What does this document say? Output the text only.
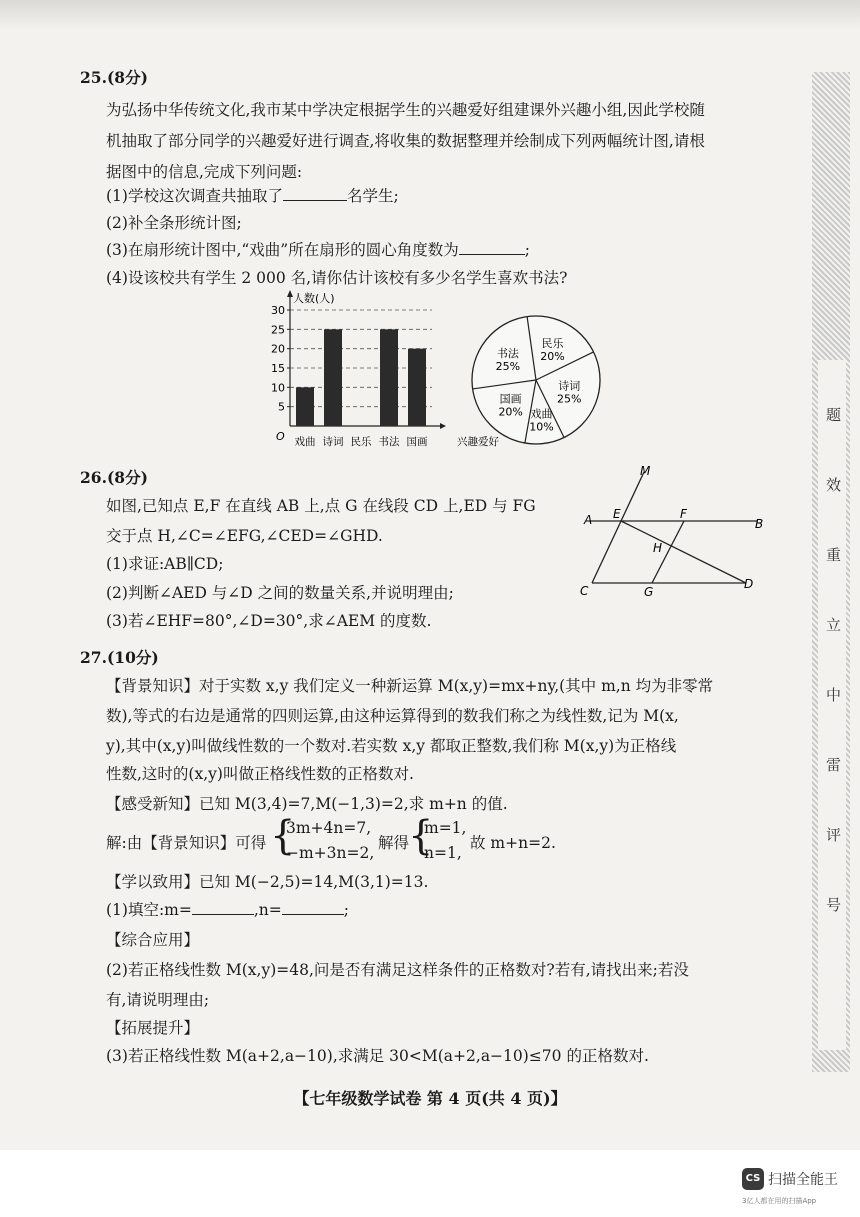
题 效 重 立 中 雷 评 号
25.(8分)
为弘扬中华传统文化,我市某中学决定根据学生的兴趣爱好组建课外兴趣小组,因此学校随
机抽取了部分同学的兴趣爱好进行调查,将收集的数据整理并绘制成下列两幅统计图,请根
据图中的信息,完成下列问题:
(1)学校这次调查共抽取了	名学生;
(2)补全条形统计图;
(3)在扇形统计图中,“戏曲”所在扇形的圆心角度数为	;
(4)设该校共有学生 2 000 名,请你估计该校有多少名学生喜欢书法?
5
10
15
20
25
30
人数(人)
O 戏曲 诗词 民乐 书法 国画	兴趣爱好
民乐
20%
诗词
25%
戏曲
10%
国画
20%
书法
25%
26.(8分)
如图,已知点 E,F 在直线 AB 上,点 G 在线段 CD 上,ED 与 FG
交于点 H,∠C=∠EFG,∠CED=∠GHD.
(1)求证:AB∥CD;
(2)判断∠AED 与∠D 之间的数量关系,并说明理由;
(3)若∠EHF=80°,∠D=30°,求∠AEM 的度数.
M
A E	F
B
H
C	G
D
27.(10分)
【背景知识】对于实数 x,y 我们定义一种新运算 M(x,y)=mx+ny,(其中 m,n 均为非零常
数),等式的右边是通常的四则运算,由这种运算得到的数我们称之为线性数,记为 M(x,
y),其中(x,y)叫做线性数的一个数对.若实数 x,y 都取正整数,我们称 M(x,y)为正格线
性数,这时的(x,y)叫做正格线性数的正格数对.
【感受新知】已知 M(3,4)=7,M(−1,3)=2,求 m+n 的值.
解:由【背景知识】可得 {
3m+4n=7,
−m+3n=2,
解得
{
m=1,
n=1,
故 m+n=2.
【学以致用】已知 M(−2,5)=14,M(3,1)=13.
(1)填空:m=	,n=	;
【综合应用】
(2)若正格线性数 M(x,y)=48,问是否有满足这样条件的正格数对?若有,请找出来;若没
有,请说明理由;
【拓展提升】
(3)若正格线性数 M(a+2,a−10),求满足 30<M(a+2,a−10)≤70 的正格数对.
【七年级数学试卷 第 4 页(共 4 页)】
CS 扫描全能王
3亿人都在用的扫描App
